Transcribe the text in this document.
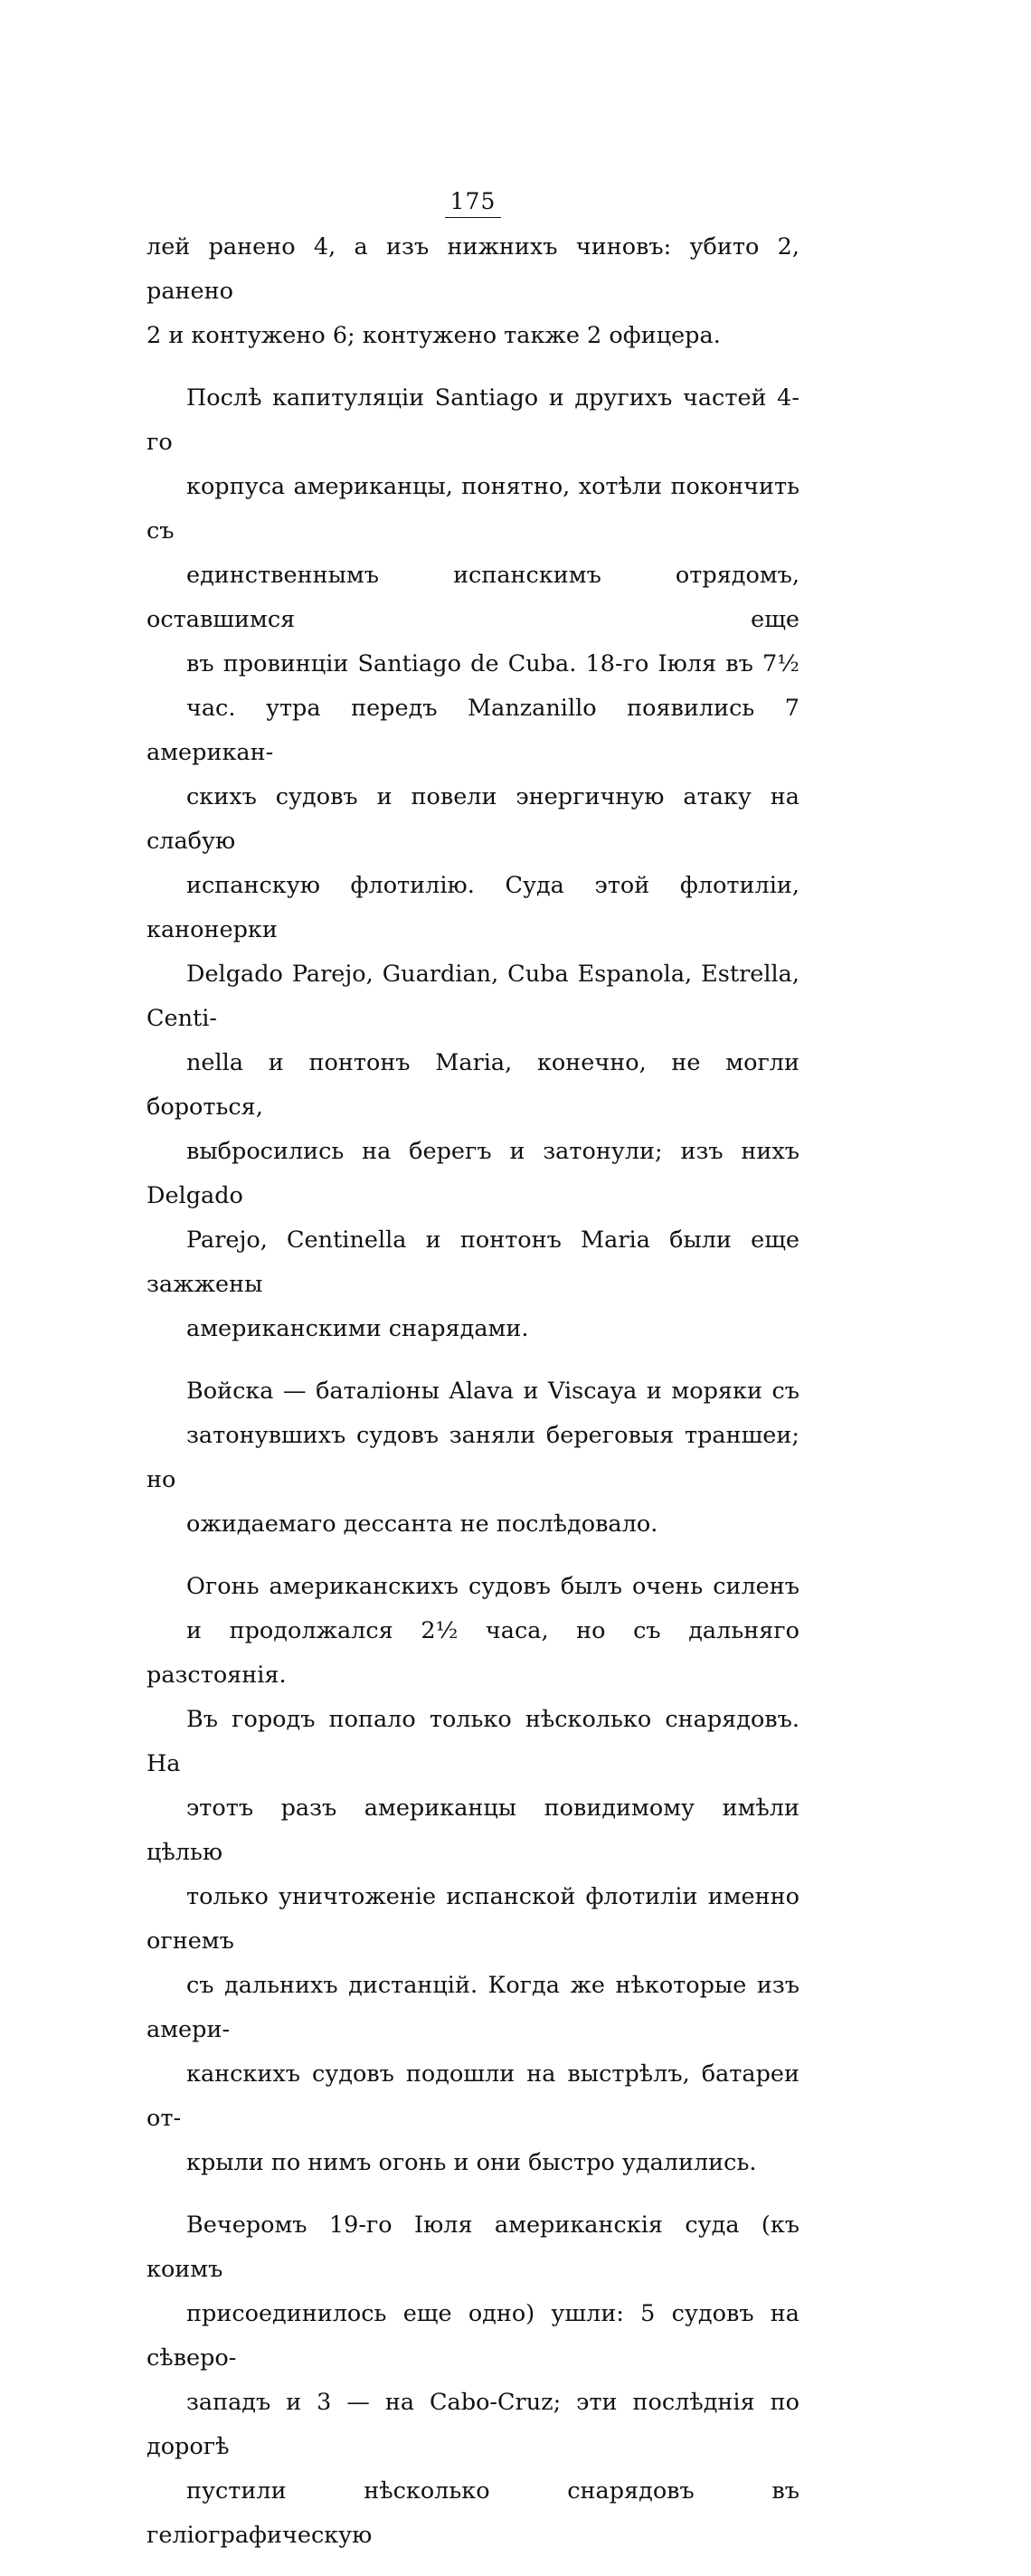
175

лей ранено 4, а изъ нижнихъ чиновъ: убито 2, ранено
2 и контужено 6; контужено также 2 офицера.

Послѣ капитуляціи Santiago и другихъ частей 4-го
корпуса американцы, понятно, хотѣли покончить съ
единственнымъ испанскимъ отрядомъ, оставшимся еще
въ провинціи Santiago de Cuba. 18-го Іюля въ 7½
час. утра передъ Manzanillo появились 7 американ-
скихъ судовъ и повели энергичную атаку на слабую
испанскую флотилію. Суда этой флотиліи, канонерки
Delgado Parejo, Guardian, Cuba Espanola, Estrella, Centi-
nella и понтонъ Maria, конечно, не могли бороться,
выбросились на берегъ и затонули; изъ нихъ Delgado
Parejo, Centinella и понтонъ Maria были еще зажжены
американскими снарядами.

Войска — баталіоны Alava и Viscaya и моряки съ
затонувшихъ судовъ заняли береговыя траншеи; но
ожидаемаго дессанта не послѣдовало.

Огонь американскихъ судовъ былъ очень силенъ
и продолжался 2½ часа, но съ дальняго разстоянія.
Въ городъ попало только нѣсколько снарядовъ. На
этотъ разъ американцы повидимому имѣли цѣлью
только уничтоженіе испанской флотиліи именно огнемъ
съ дальнихъ дистанцій. Когда же нѣкоторые изъ амери-
канскихъ судовъ подошли на выстрѣлъ, батареи от-
крыли по нимъ огонь и они быстро удалились.

Вечеромъ 19-го Іюля американскія суда (къ коимъ
присоединилось еще одно) ушли: 5 судовъ на сѣверо-
западъ и 3 — на Cabo-Cruz; эти послѣднія по дорогѣ
пустили нѣсколько снарядовъ въ геліографическую
